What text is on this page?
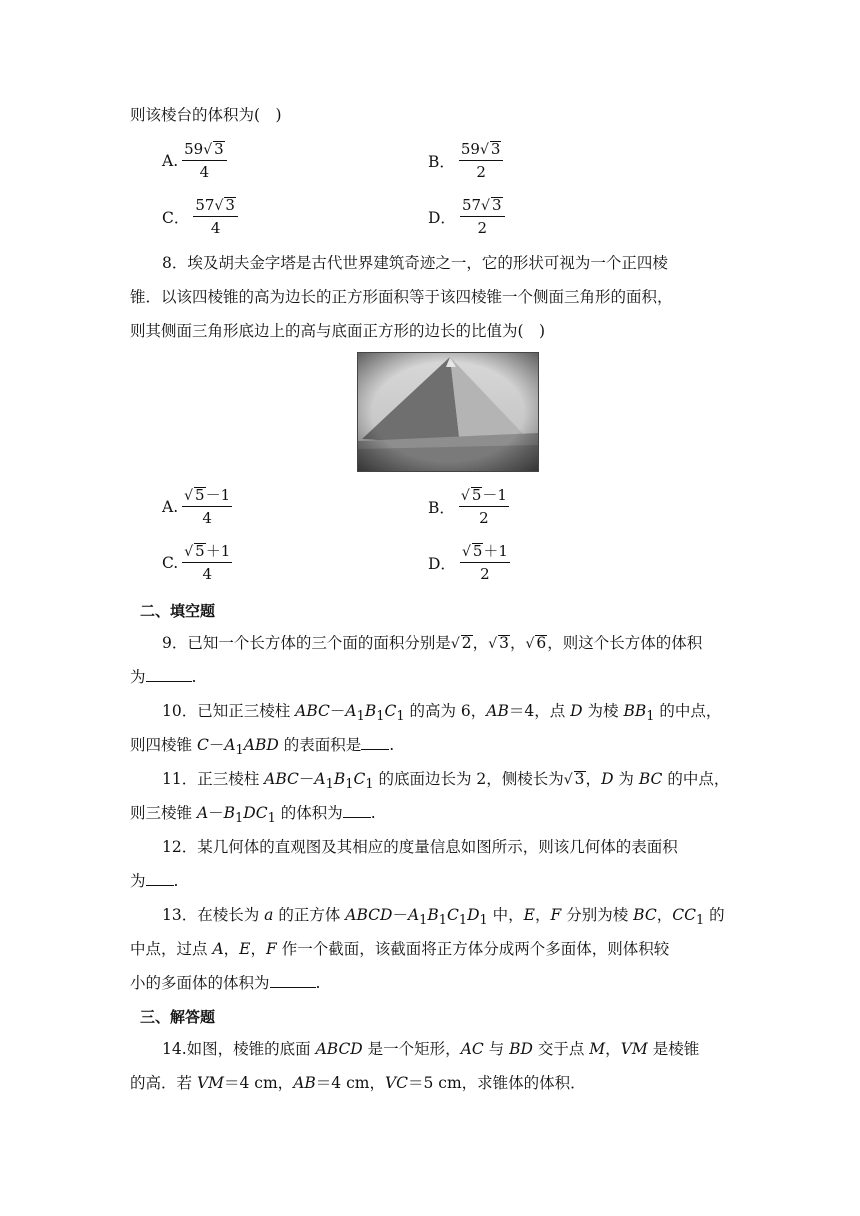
则该棱台的体积为(　)
A. $\frac{59√ 3}{4}$	B． $\frac{59√ 3}{2}$
C． $\frac{57√ 3}{4}$	D． $\frac{57√ 3}{2}$
8．埃及胡夫金字塔是古代世界建筑奇迹之一，它的形状可视为一个正四棱
锥．以该四棱锥的高为边长的正方形面积等于该四棱锥一个侧面三角形的面积，
则其侧面三角形底边上的高与底面正方形的边长的比值为(　)
A. $\frac{√ 5-1}{4}$	B． $\frac{√ 5-1}{2}$
C. $\frac{√ 5+1}{4}$	D． $\frac{√ 5+1}{2}$
二、填空题
9．已知一个长方体的三个面的面积分别是√ 2，√ 3，√ 6，则这个长方体的体积
为	.
10．已知正三棱柱 $ABC-A_1B_1C_1$ 的高为 6，AB＝4，点 D 为棱 $BB_1$ 的中点，
则四棱锥 $C-A_1ABD$ 的表面积是 .
11．正三棱柱 $ABC-A_1B_1C_1$ 的底面边长为 2，侧棱长为√ 3，D 为 BC 的中点，
则三棱锥 $A-B_1DC_1$ 的体积为 .
12．某几何体的直观图及其相应的度量信息如图所示，则该几何体的表面积
为 .
13．在棱长为 a 的正方体 $ABCD-A_1B_1C_1D_1$ 中，E，F 分别为棱 BC，$CC_1$ 的
中点，过点 A，E，F 作一个截面，该截面将正方体分成两个多面体，则体积较
小的多面体的体积为	.
三、解答题
14.如图，棱锥的底面 ABCD 是一个矩形，AC 与 BD 交于点 M，VM 是棱锥
的高．若 VM＝4 cm，AB＝4 cm，VC＝5 cm，求锥体的体积．
